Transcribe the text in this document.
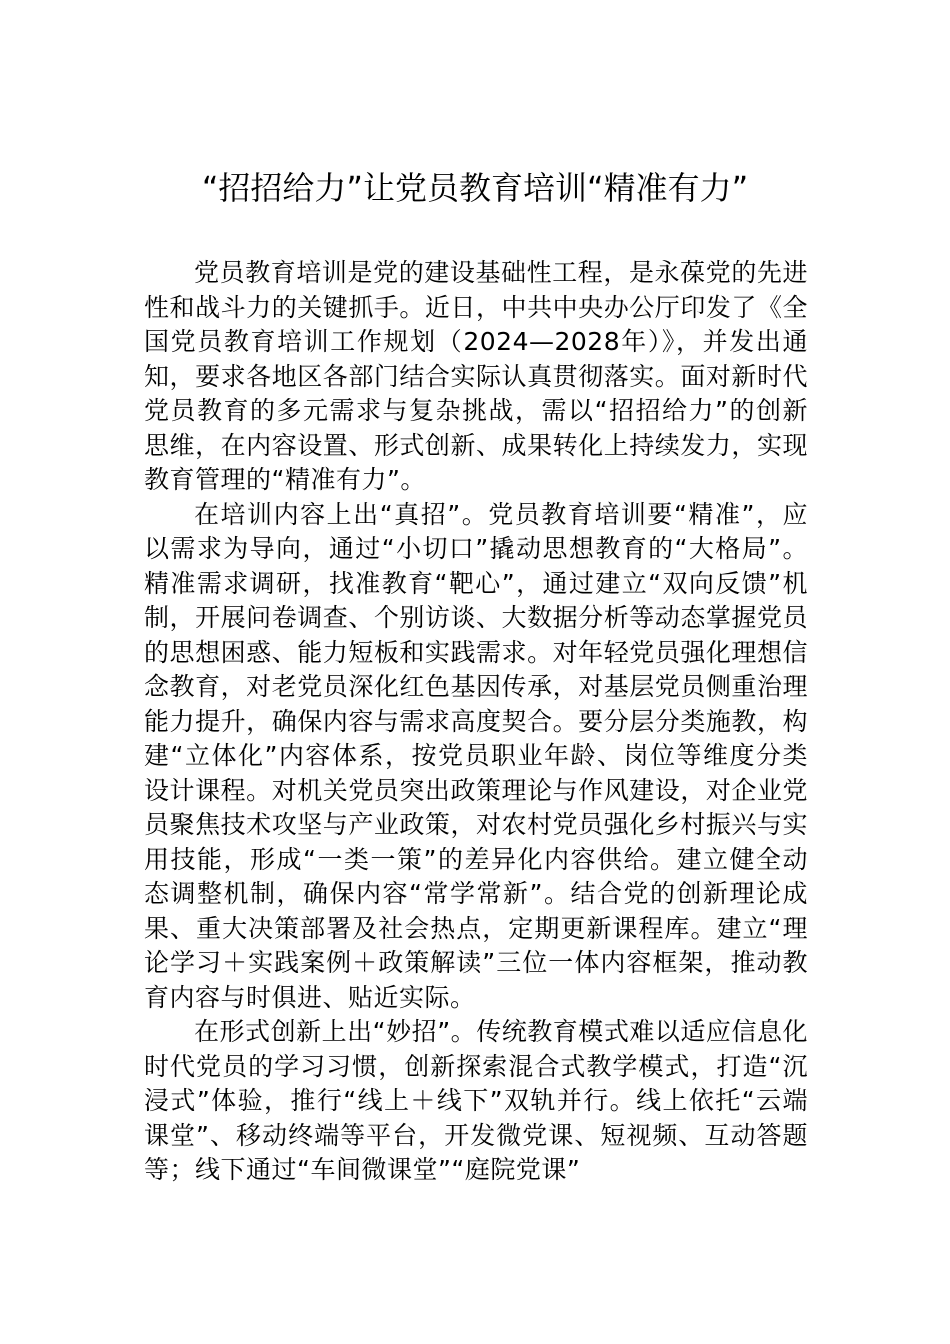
“招招给力”让党员教育培训“精准有力”

党员教育培训是党的建设基础性工程，是永葆党的先进性和战斗力的关键抓手。近日，中共中央办公厅印发了《全国党员教育培训工作规划（2024—2028年）》，并发出通知，要求各地区各部门结合实际认真贯彻落实。面对新时代党员教育的多元需求与复杂挑战，需以“招招给力”的创新思维，在内容设置、形式创新、成果转化上持续发力，实现教育管理的“精准有力”。

在培训内容上出“真招”。党员教育培训要“精准”，应以需求为导向，通过“小切口”撬动思想教育的“大格局”。精准需求调研，找准教育“靶心”，通过建立“双向反馈”机制，开展问卷调查、个别访谈、大数据分析等动态掌握党员的思想困惑、能力短板和实践需求。对年轻党员强化理想信念教育，对老党员深化红色基因传承，对基层党员侧重治理能力提升，确保内容与需求高度契合。要分层分类施教，构建“立体化”内容体系，按党员职业年龄、岗位等维度分类设计课程。对机关党员突出政策理论与作风建设，对企业党员聚焦技术攻坚与产业政策，对农村党员强化乡村振兴与实用技能，形成“一类一策”的差异化内容供给。建立健全动态调整机制，确保内容“常学常新”。结合党的创新理论成果、重大决策部署及社会热点，定期更新课程库。建立“理论学习＋实践案例＋政策解读”三位一体内容框架，推动教育内容与时俱进、贴近实际。

在形式创新上出“妙招”。传统教育模式难以适应信息化时代党员的学习习惯，创新探索混合式教学模式，打造“沉浸式”体验，推行“线上＋线下”双轨并行。线上依托“云端课堂”、移动终端等平台，开发微党课、短视频、互动答题等；线下通过“车间微课堂”“庭院党课”
